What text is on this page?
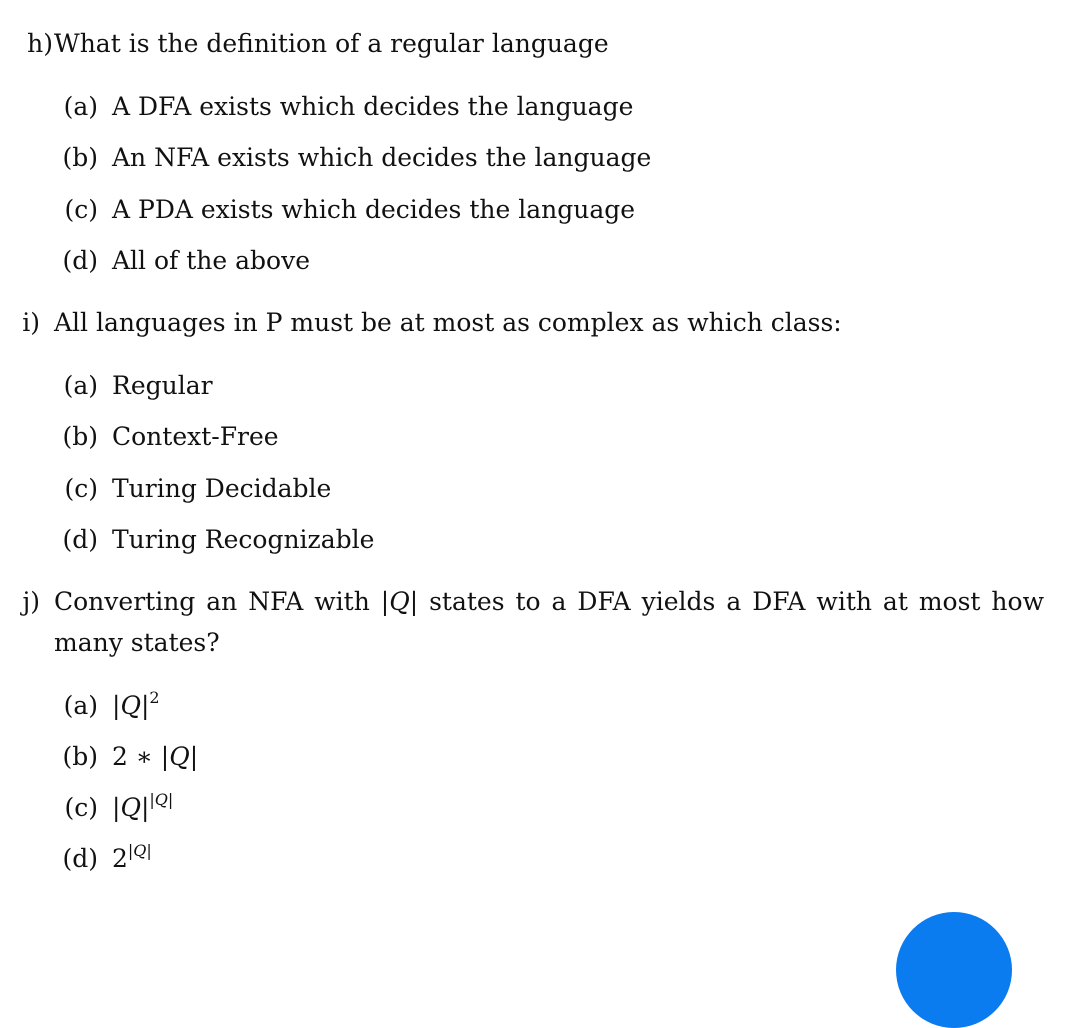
h) What is the definition of a regular language
(a) A DFA exists which decides the language
(b) An NFA exists which decides the language
(c) A PDA exists which decides the language
(d) All of the above
i) All languages in P must be at most as complex as which class:
(a) Regular
(b) Context-Free
(c) Turing Decidable
(d) Turing Recognizable
j) Converting an NFA with |Q| states to a DFA yields a DFA with at most how many states?
(a) $|Q|^2$
(b) 2 ∗ |Q|
(c) $|Q|^{|Q|}$
(d) $2^{|Q|}$
